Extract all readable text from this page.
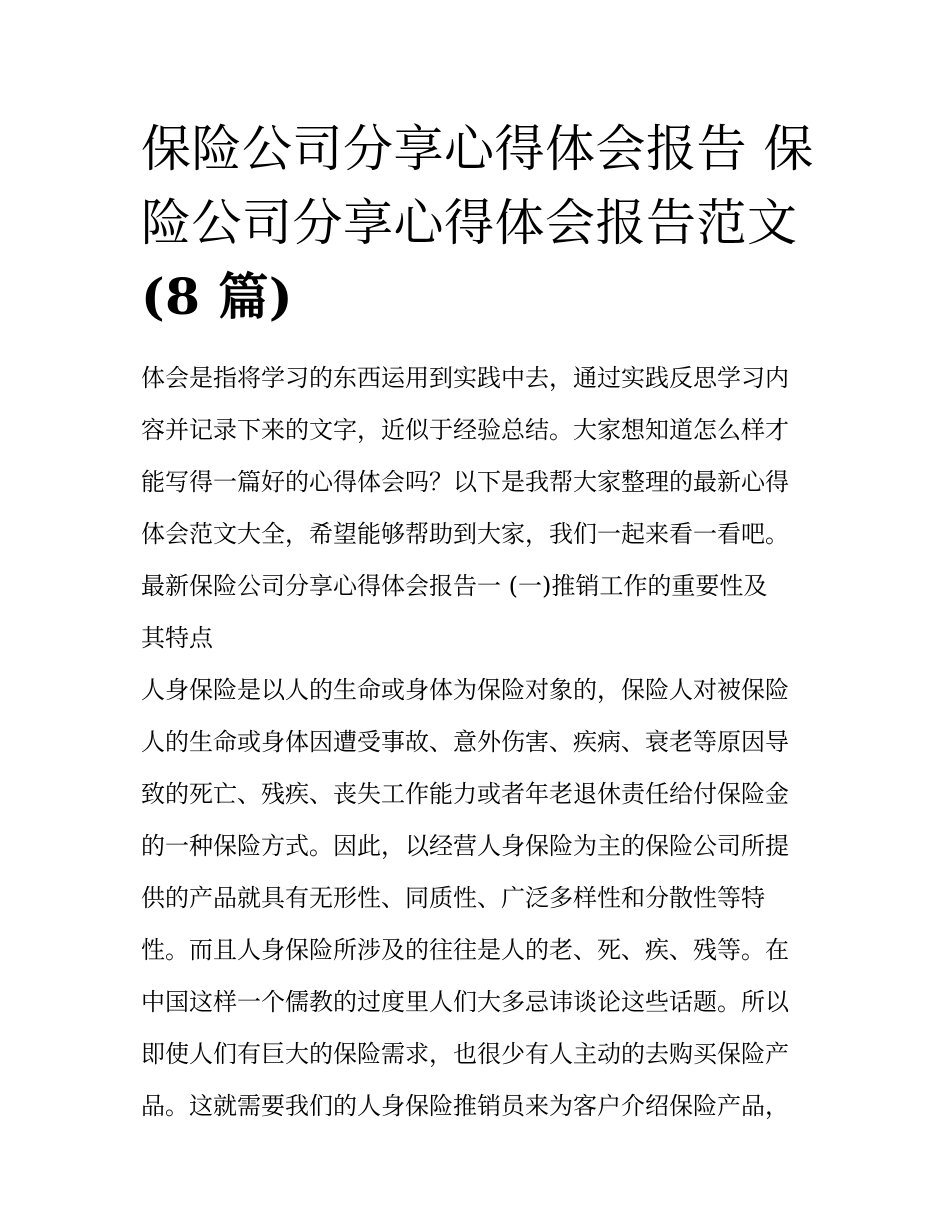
保险公司分享心得体会报告 保
险公司分享心得体会报告范文
(8 篇)
体会是指将学习的东西运用到实践中去，通过实践反思学习内
容并记录下来的文字，近似于经验总结。大家想知道怎么样才
能写得一篇好的心得体会吗？以下是我帮大家整理的最新心得
体会范文大全，希望能够帮助到大家，我们一起来看一看吧。
最新保险公司分享心得体会报告一 (一)推销工作的重要性及
其特点
人身保险是以人的生命或身体为保险对象的，保险人对被保险
人的生命或身体因遭受事故、意外伤害、疾病、衰老等原因导
致的死亡、残疾、丧失工作能力或者年老退休责任给付保险金
的一种保险方式。因此，以经营人身保险为主的保险公司所提
供的产品就具有无形性、同质性、广泛多样性和分散性等特
性。而且人身保险所涉及的往往是人的老、死、疾、残等。在
中国这样一个儒教的过度里人们大多忌讳谈论这些话题。所以
即使人们有巨大的保险需求，也很少有人主动的去购买保险产
品。这就需要我们的人身保险推销员来为客户介绍保险产品，
